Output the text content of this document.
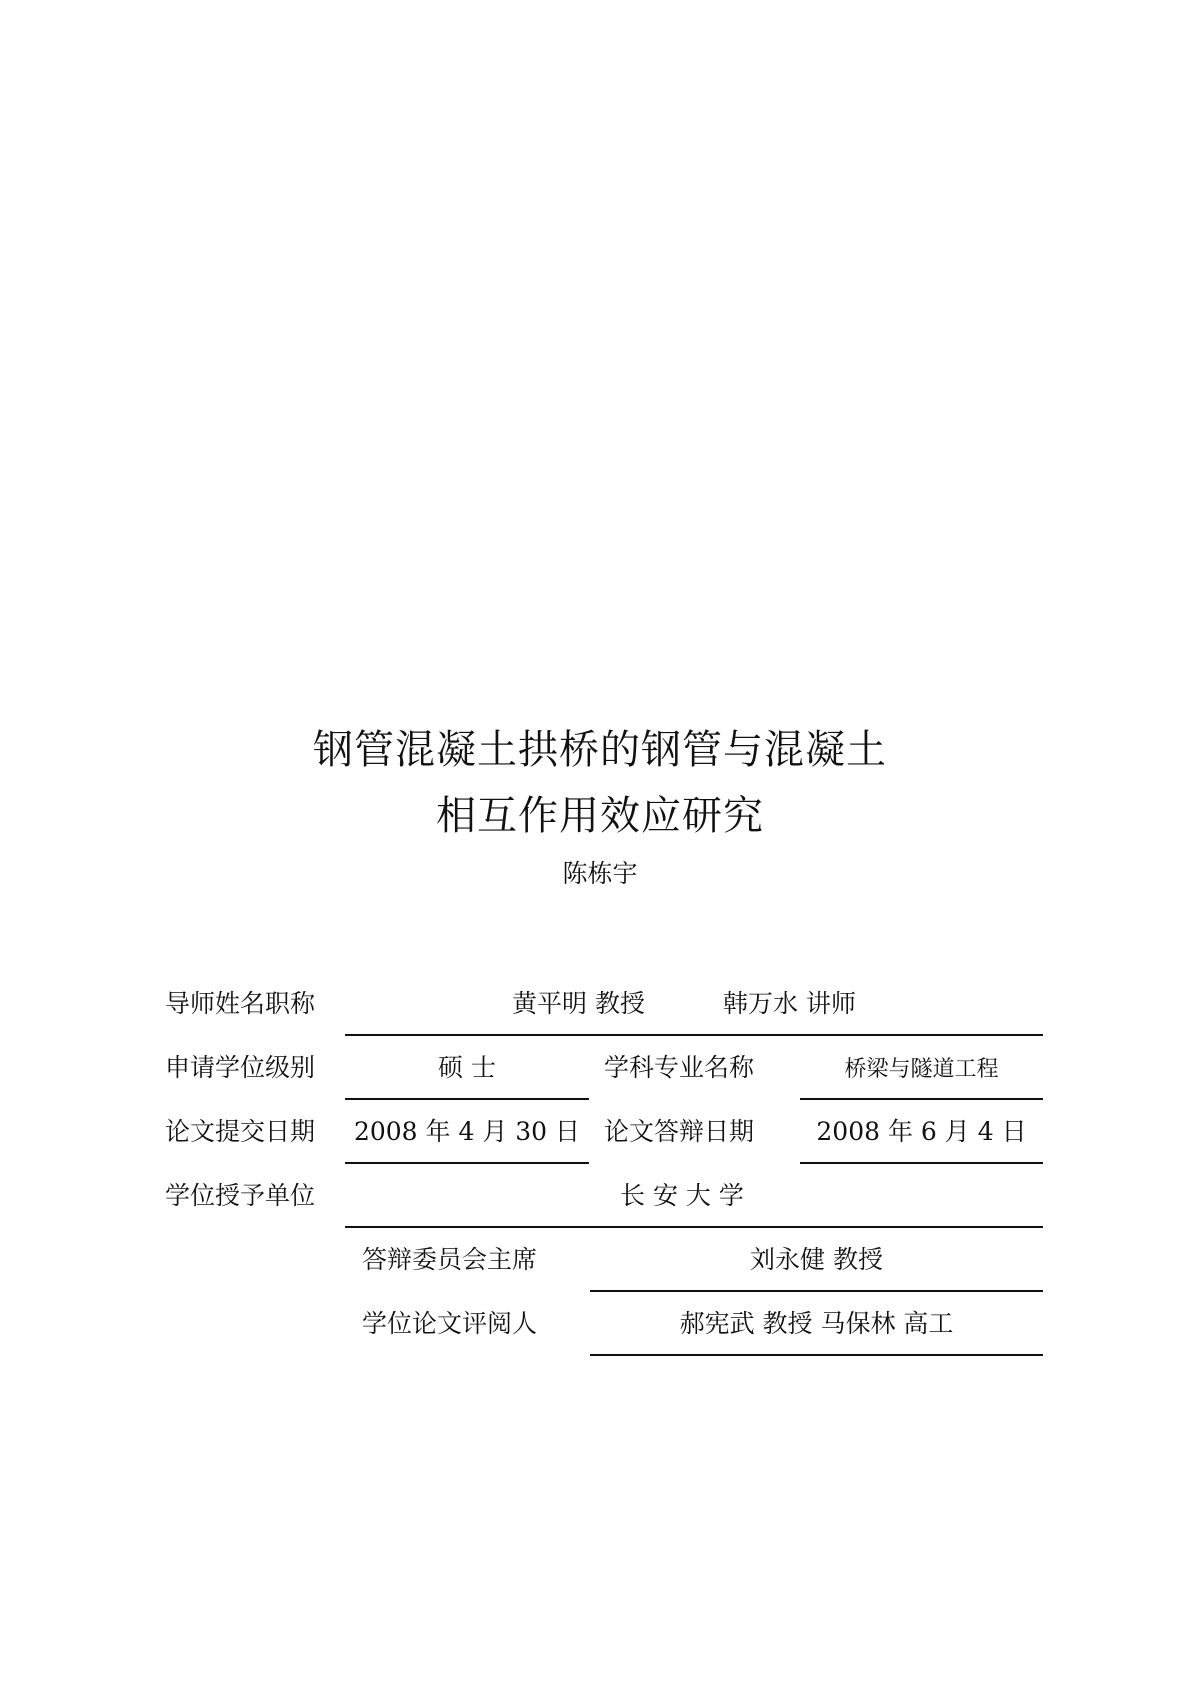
钢管混凝土拱桥的钢管与混凝土
相互作用效应研究
陈栋宇
导师姓名职称	黄平明 教授	韩万水 讲师
申请学位级别	硕 士	学科专业名称	桥梁与隧道工程
论文提交日期	2008 年 4 月 30 日 论文答辩日期	2008 年 6 月 4 日
学位授予单位	长 安 大 学
答辩委员会主席	刘永健 教授
学位论文评阅人	郝宪武 教授 马保林 高工
